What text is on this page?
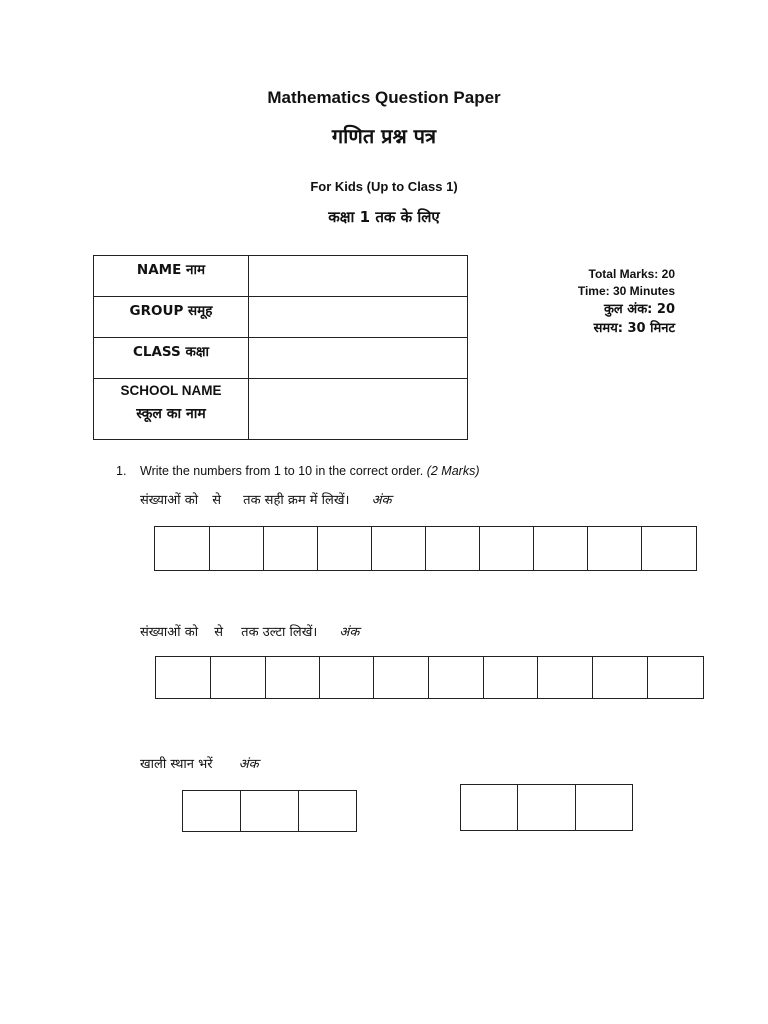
Mathematics Question Paper
गणित प्रश्न पत्र
For Kids (Up to Class 1)
कक्षा 1 तक के लिए
NAME नाम	
GROUP समूह	
CLASS कक्षा	
SCHOOL NAME
स्कूल का नाम	

Total Marks: 20
Time: 30 Minutes
कुल अंक: 20
समय: 30 मिनट
1. Write the numbers from 1 to 10 in the correct order. (2 Marks)
संख्याओं को से तक सही क्रम में लिखें। अंक
संख्याओं को से तक उल्टा लिखें। अंक
खाली स्थान भरें अंक
